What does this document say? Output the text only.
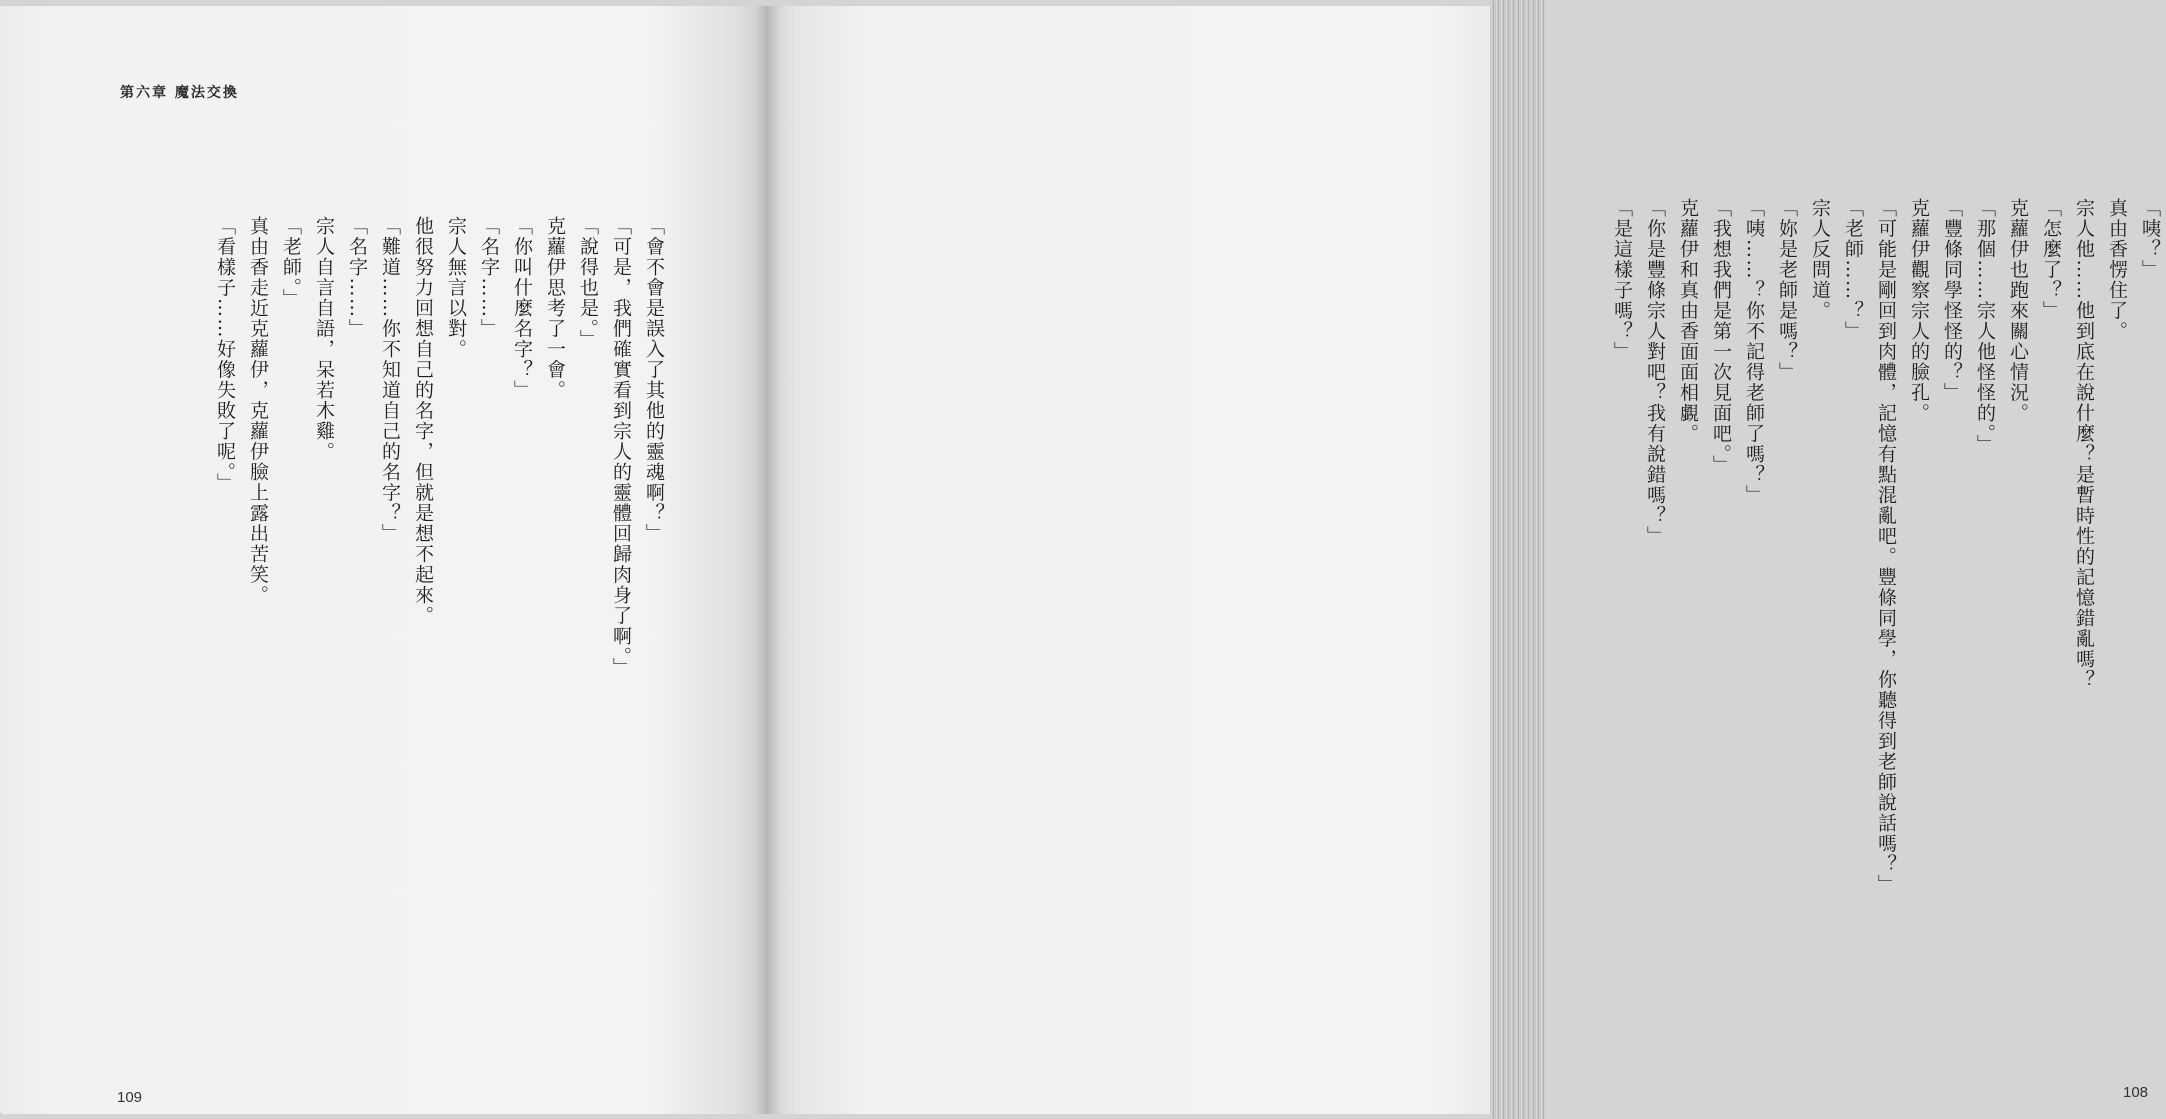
第六章 魔法交換

「會不會是誤入了其他的靈魂啊？」

「可是，我們確實看到宗人的靈體回歸肉身了啊。」

「說得也是。」

克蘿伊思考了一會。

「你叫什麼名字？」

「名字……」

宗人無言以對。

他很努力回想自己的名字，但就是想不起來。

「難道……你不知道自己的名字？」

「名字……」

宗人自言自語，呆若木雞。

「老師。」

真由香走近克蘿伊，克蘿伊臉上露出苦笑。

「看樣子……好像失敗了呢。」

109

「咦？」

真由香愣住了。

宗人他……他到底在說什麼？是暫時性的記憶錯亂嗎？

「怎麼了？」

克蘿伊也跑來關心情況。

「那個……宗人他怪怪的。」

「豐條同學怪怪的？」

克蘿伊觀察宗人的臉孔。

「可能是剛回到肉體，記憶有點混亂吧。豐條同學，你聽得到老師說話嗎？」

「老師……？」

宗人反問道。

「妳是老師是嗎？」

「咦……？你不記得老師了嗎？」

「我想我們是第一次見面吧。」

克蘿伊和真由香面面相覷。

「你是豐條宗人對吧？我有說錯嗎？」

「是這樣子嗎？」

108
